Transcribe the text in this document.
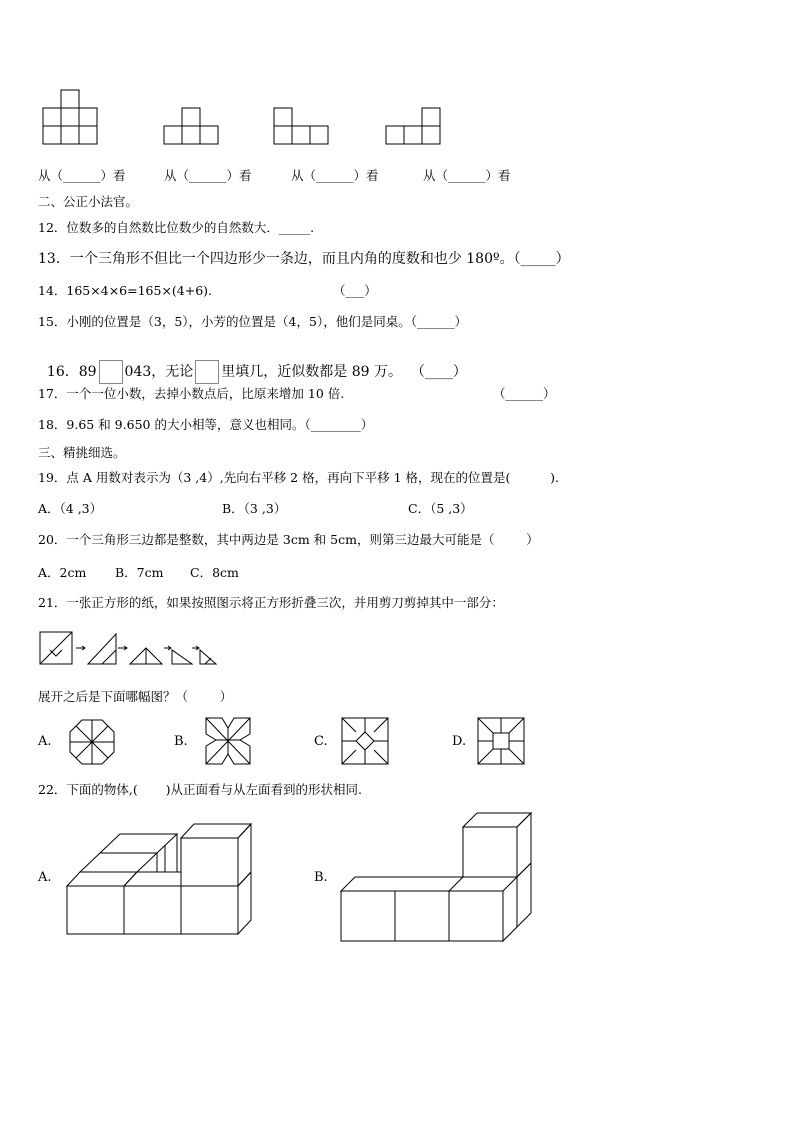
从（______）看	从（______）看	从（______）看	从（______）看
二、公正小法官。
12．位数多的自然数比位数少的自然数大．_____.
13．一个三角形不但比一个四边形少一条边，而且内角的度数和也少 180º。（_____）
14．165×4×6=165×(4+6).	（___）
15．小刚的位置是（3，5），小芳的位置是（4，5），他们是同桌。（______）

16．89 043，无论 里填几，近似数都是 89 万。  （____）

17．一个一位小数，去掉小数点后，比原来增加 10 倍.	（______）
18．9.65 和 9.650 的大小相等，意义也相同。（________）
三、精挑细选。
19．点 A 用数对表示为（3 ,4）,先向右平移 2 格，再向下平移 1 格，现在的位置是(          ).
A．（4 ,3）	B．（3 ,3）	C．（5 ,3）
20．一个三角形三边都是整数，其中两边是 3cm 和 5cm，则第三边最大可能是（        ）
A．2cm B．7cm C．8cm
21．一张正方形的纸，如果按照图示将正方形折叠三次，并用剪刀剪掉其中一部分：
展开之后是下面哪幅图？（        ）
A.	B.	C.	D.
22．下面的物体,(       )从正面看与从左面看到的形状相同.
A.	B.
